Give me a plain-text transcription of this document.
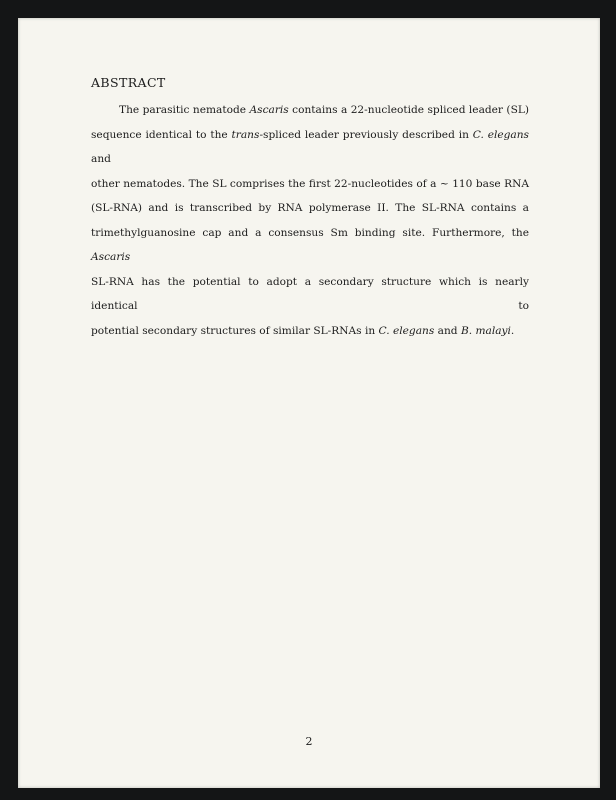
ABSTRACT
The parasitic nematode Ascaris contains a 22-nucleotide spliced leader (SL)
sequence identical to the trans-spliced leader previously described in C. elegans and
other nematodes. The SL comprises the first 22-nucleotides of a ~ 110 base RNA
(SL-RNA) and is transcribed by RNA polymerase II. The SL-RNA contains a
trimethylguanosine cap and a consensus Sm binding site. Furthermore, the Ascaris
SL-RNA has the potential to adopt a secondary structure which is nearly identical to
potential secondary structures of similar SL-RNAs in C. elegans and B. malayi.

2
